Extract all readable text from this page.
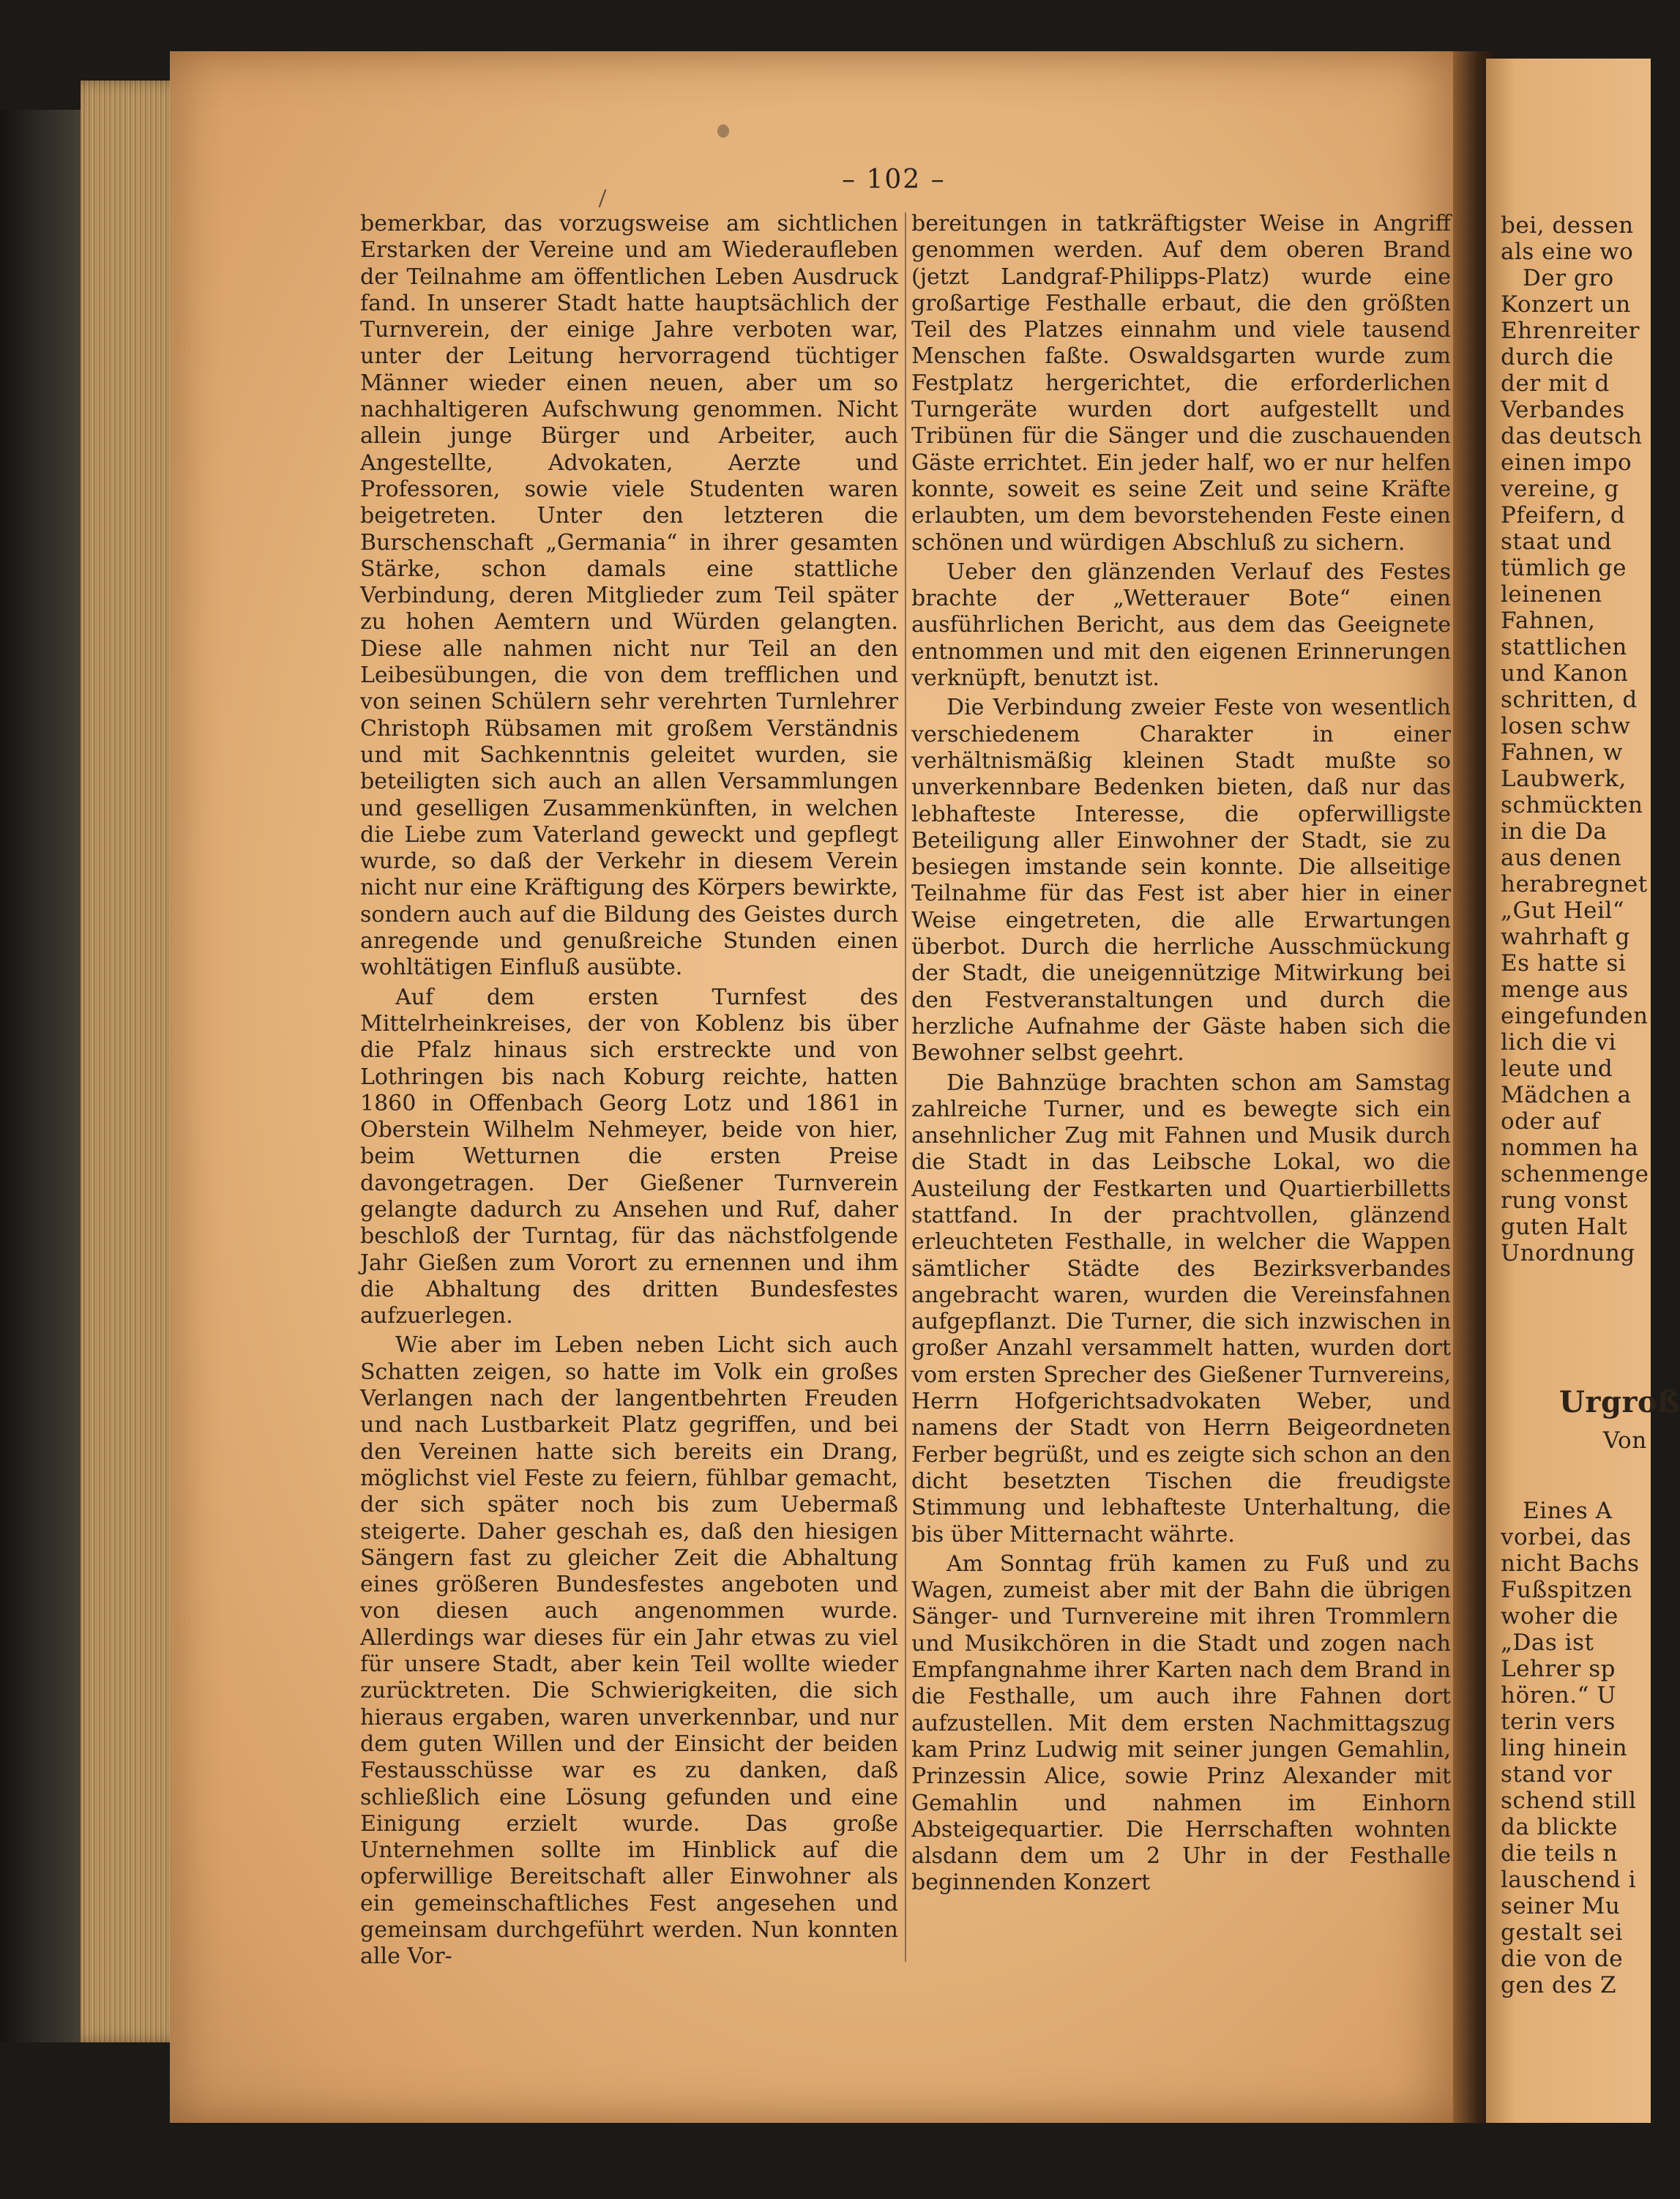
bei, dessen
als eine wo
Der gro
Konzert un
Ehrenreiter
durch die
der mit d
Verbandes
das deutsch
einen impo
vereine, g
Pfeifern, d
staat und
tümlich ge
leinenen
Fahnen,
stattlichen
und Kanon
schritten, d
losen schw
Fahnen, w
Laubwerk,
schmückten
in die Da
aus denen
herabregnet
„Gut Heil“
wahrhaft g
Es hatte si
menge aus
eingefunden
lich die vi
leute und
Mädchen a
oder auf
nommen ha
schenmenge
rung vonst
guten Halt
Unordnung
Urgroß
Von
Eines A
vorbei, das
nicht Bachs
Fußspitzen
woher die
„Das ist
Lehrer sp
hören.“ U
terin vers
ling hinein
stand vor
schend still
da blickte
die teils n
lauschend i
seiner Mu
gestalt sei
die von de
gen des Z
– 102 –

bemerkbar, das vorzugsweise am sichtlichen Erstarken der Vereine und am Wiederaufleben der Teilnahme am öffentlichen Leben Ausdruck fand. In unserer Stadt hatte hauptsächlich der Turnverein, der einige Jahre verboten war, unter der Leitung hervorragend tüchtiger Männer wieder einen neuen, aber um so nachhaltigeren Aufschwung genommen. Nicht allein junge Bürger und Arbeiter, auch Angestellte, Advokaten, Aerzte und Professoren, sowie viele Studenten waren beigetreten. Unter den letzteren die Burschenschaft „Germania“ in ihrer gesamten Stärke, schon damals eine stattliche Verbindung, deren Mitglieder zum Teil später zu hohen Aemtern und Würden gelangten. Diese alle nahmen nicht nur Teil an den Leibesübungen, die von dem trefflichen und von seinen Schülern sehr verehrten Turnlehrer Christoph Rübsamen mit großem Verständnis und mit Sachkenntnis geleitet wurden, sie beteiligten sich auch an allen Versammlungen und geselligen Zusammenkünften, in welchen die Liebe zum Vaterland geweckt und gepflegt wurde, so daß der Verkehr in diesem Verein nicht nur eine Kräftigung des Körpers bewirkte, sondern auch auf die Bildung des Geistes durch anregende und genußreiche Stunden einen wohltätigen Einfluß ausübte.

Auf dem ersten Turnfest des Mittelrheinkreises, der von Koblenz bis über die Pfalz hinaus sich erstreckte und von Lothringen bis nach Koburg reichte, hatten 1860 in Offenbach Georg Lotz und 1861 in Oberstein Wilhelm Nehmeyer, beide von hier, beim Wetturnen die ersten Preise davongetragen. Der Gießener Turnverein gelangte dadurch zu Ansehen und Ruf, daher beschloß der Turntag, für das nächstfolgende Jahr Gießen zum Vorort zu ernennen und ihm die Abhaltung des dritten Bundesfestes aufzuerlegen.

Wie aber im Leben neben Licht sich auch Schatten zeigen, so hatte im Volk ein großes Verlangen nach der langentbehrten Freuden und nach Lustbarkeit Platz gegriffen, und bei den Vereinen hatte sich bereits ein Drang, möglichst viel Feste zu feiern, fühlbar gemacht, der sich später noch bis zum Uebermaß steigerte. Daher geschah es, daß den hiesigen Sängern fast zu gleicher Zeit die Abhaltung eines größeren Bundesfestes angeboten und von diesen auch angenommen wurde. Allerdings war dieses für ein Jahr etwas zu viel für unsere Stadt, aber kein Teil wollte wieder zurücktreten. Die Schwierigkeiten, die sich hieraus ergaben, waren unverkennbar, und nur dem guten Willen und der Einsicht der beiden Festausschüsse war es zu danken, daß schließlich eine Lösung gefunden und eine Einigung erzielt wurde. Das große Unternehmen sollte im Hinblick auf die opferwillige Bereitschaft aller Einwohner als ein gemeinschaftliches Fest angesehen und gemeinsam durchgeführt werden. Nun konnten alle Vor-

bereitungen in tatkräftigster Weise in Angriff genommen werden. Auf dem oberen Brand (jetzt Landgraf-Philipps-Platz) wurde eine großartige Festhalle erbaut, die den größten Teil des Platzes einnahm und viele tausend Menschen faßte. Oswaldsgarten wurde zum Festplatz hergerichtet, die erforderlichen Turngeräte wurden dort aufgestellt und Tribünen für die Sänger und die zuschauenden Gäste errichtet. Ein jeder half, wo er nur helfen konnte, soweit es seine Zeit und seine Kräfte erlaubten, um dem bevorstehenden Feste einen schönen und würdigen Abschluß zu sichern.

Ueber den glänzenden Verlauf des Festes brachte der „Wetterauer Bote“ einen ausführlichen Bericht, aus dem das Geeignete entnommen und mit den eigenen Erinnerungen verknüpft, benutzt ist.

Die Verbindung zweier Feste von wesentlich verschiedenem Charakter in einer verhältnismäßig kleinen Stadt mußte so unverkennbare Bedenken bieten, daß nur das lebhafteste Interesse, die opferwilligste Beteiligung aller Einwohner der Stadt, sie zu besiegen imstande sein konnte. Die allseitige Teilnahme für das Fest ist aber hier in einer Weise eingetreten, die alle Erwartungen überbot. Durch die herrliche Ausschmückung der Stadt, die uneigennützige Mitwirkung bei den Festveranstaltungen und durch die herzliche Aufnahme der Gäste haben sich die Bewohner selbst geehrt.

Die Bahnzüge brachten schon am Samstag zahlreiche Turner, und es bewegte sich ein ansehnlicher Zug mit Fahnen und Musik durch die Stadt in das Leibsche Lokal, wo die Austeilung der Festkarten und Quartierbilletts stattfand. In der prachtvollen, glänzend erleuchteten Festhalle, in welcher die Wappen sämtlicher Städte des Bezirksverbandes angebracht waren, wurden die Vereinsfahnen aufgepflanzt. Die Turner, die sich inzwischen in großer Anzahl versammelt hatten, wurden dort vom ersten Sprecher des Gießener Turnvereins, Herrn Hofgerichtsadvokaten Weber, und namens der Stadt von Herrn Beigeordneten Ferber begrüßt, und es zeigte sich schon an den dicht besetzten Tischen die freudigste Stimmung und lebhafteste Unterhaltung, die bis über Mitternacht währte.

Am Sonntag früh kamen zu Fuß und zu Wagen, zumeist aber mit der Bahn die übrigen Sänger- und Turnvereine mit ihren Trommlern und Musikchören in die Stadt und zogen nach Empfangnahme ihrer Karten nach dem Brand in die Festhalle, um auch ihre Fahnen dort aufzustellen. Mit dem ersten Nachmittagszug kam Prinz Ludwig mit seiner jungen Gemahlin, Prinzessin Alice, sowie Prinz Alexander mit Gemahlin und nahmen im Einhorn Absteigequartier. Die Herrschaften wohnten alsdann dem um 2 Uhr in der Festhalle beginnenden Konzert
